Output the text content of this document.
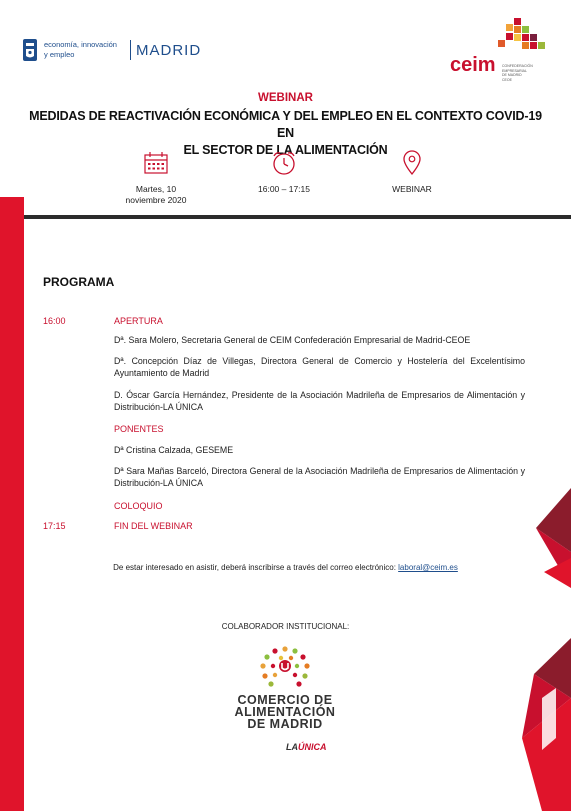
economía, innovación
y empleo	MADRID
ceim CONFEDERACIÓN
EMPRESARIAL
DE MADRID
CEOE
WEBINAR
MEDIDAS DE REACTIVACIÓN ECONÓMICA Y DEL EMPLEO EN EL CONTEXTO COVID-19 EN
EL SECTOR DE LA ALIMENTACIÓN
Martes, 10
noviembre 2020
16:00 – 17:15	WEBINAR
PROGRAMA
16:00	APERTURA
Dª. Sara Molero, Secretaria General de CEIM Confederación Empresarial de Madrid-CEOE
Dª. Concepción Díaz de Villegas, Directora General de Comercio y Hostelería del Excelentísimo Ayuntamiento de Madrid
D. Óscar García Hernández, Presidente de la Asociación Madrileña de Empresarios de Alimentación y Distribución-LA ÚNICA
PONENTES
Dª Cristina Calzada, GESEME
Dª Sara Mañas Barceló, Directora General de la Asociación Madrileña de Empresarios de Alimentación y Distribución-LA ÚNICA
COLOQUIO
17:15	FIN DEL WEBINAR
De estar interesado en asistir, deberá inscribirse a través del correo electrónico: laboral@ceim.es
COLABORADOR INSTITUCIONAL:
COMERCIO DE
ALIMENTACIÓN
DE MADRID
LAÚNICA
